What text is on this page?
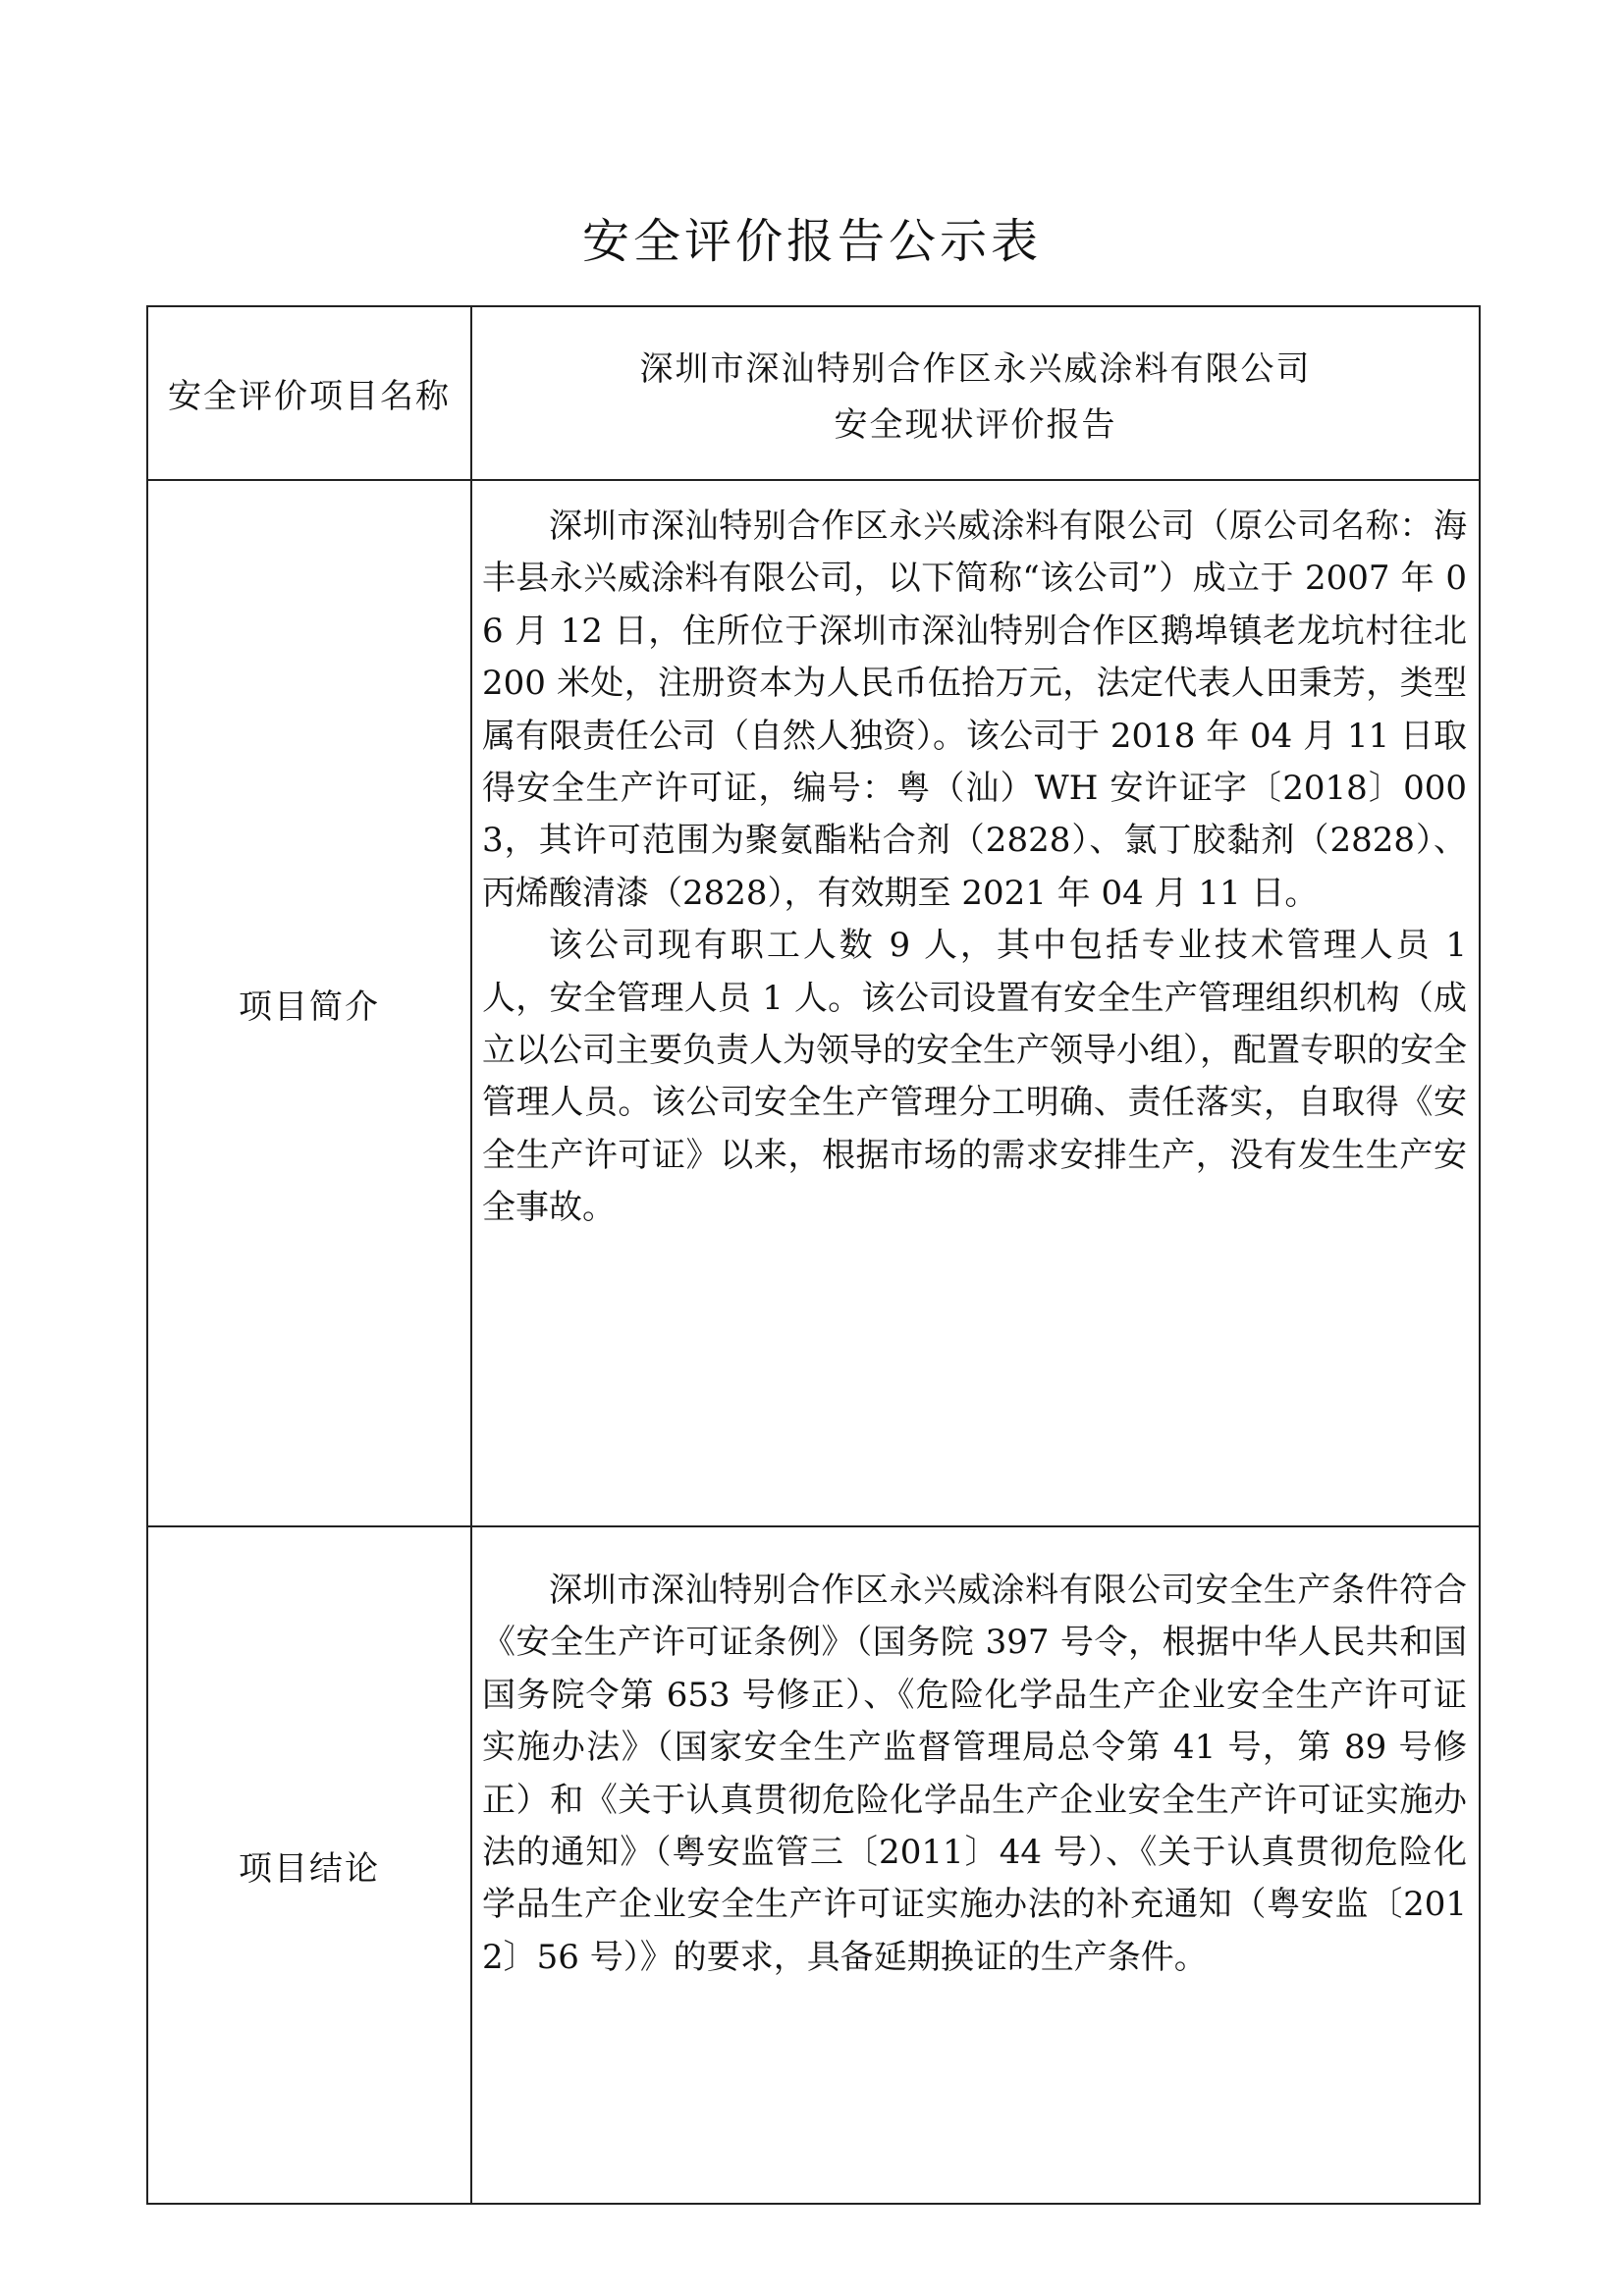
安全评价报告公示表
安全评价项目名称	深圳市深汕特别合作区永兴威涂料有限公司
安全现状评价报告

项目简介	深圳市深汕特别合作区永兴威涂料有限公司（原公司名称：海丰县永兴威涂料有限公司，以下简称“该公司”）成立于 2007 年 06 月 12 日，住所位于深圳市深汕特别合作区鹅埠镇老龙坑村往北 200 米处，注册资本为人民币伍拾万元，法定代表人田秉芳，类型属有限责任公司（自然人独资）。该公司于 2018 年 04 月 11 日取得安全生产许可证，编号：粤（汕）WH 安许证字〔2018〕0003，其许可范围为聚氨酯粘合剂（2828）、氯丁胶黏剂（2828）、丙烯酸清漆（2828），有效期至 2021 年 04 月 11 日。

该公司现有职工人数 9 人，其中包括专业技术管理人员 1 人，安全管理人员 1 人。该公司设置有安全生产管理组织机构（成立以公司主要负责人为领导的安全生产领导小组），配置专职的安全管理人员。该公司安全生产管理分工明确、责任落实，自取得《安全生产许可证》以来，根据市场的需求安排生产，没有发生生产安全事故。

项目结论	深圳市深汕特别合作区永兴威涂料有限公司安全生产条件符合《安全生产许可证条例》（国务院 397 号令，根据中华人民共和国国务院令第 653 号修正）、《危险化学品生产企业安全生产许可证实施办法》（国家安全生产监督管理局总令第 41 号，第 89 号修正）和《关于认真贯彻危险化学品生产企业安全生产许可证实施办法的通知》（粤安监管三〔2011〕44 号）、《关于认真贯彻危险化学品生产企业安全生产许可证实施办法的补充通知（粤安监〔2012〕56 号）》的要求，具备延期换证的生产条件。
